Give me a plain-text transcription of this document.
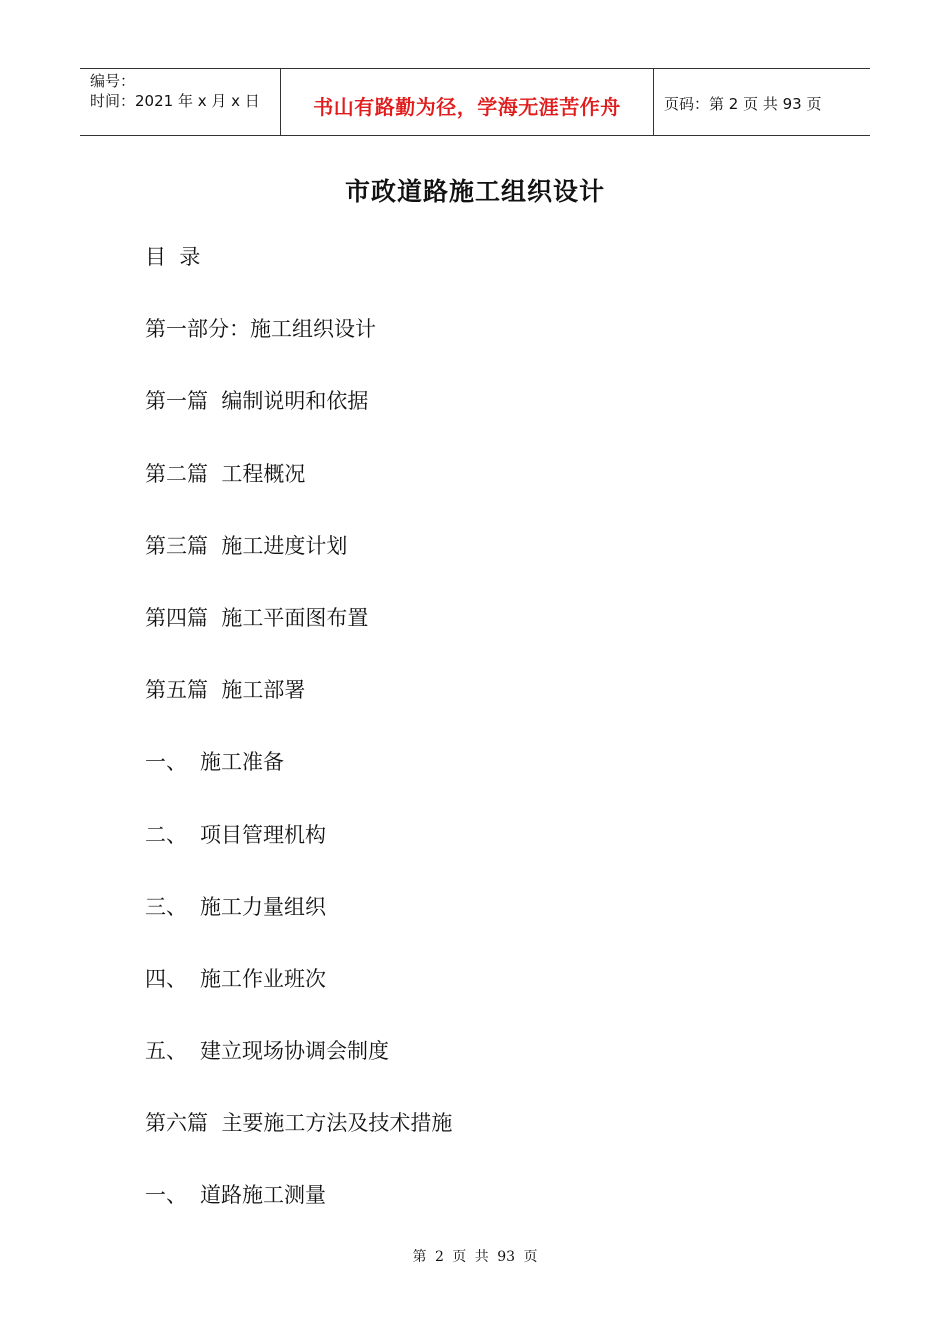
编号：
时间：2021 年 x 月 x 日	书山有路勤为径，学海无涯苦作舟	页码：第 2 页 共 93 页
市政道路施工组织设计
目  录
第一部分：施工组织设计
第一篇  编制说明和依据
第二篇  工程概况
第三篇  施工进度计划
第四篇  施工平面图布置
第五篇  施工部署
一、 施工准备
二、 项目管理机构
三、 施工力量组织
四、 施工作业班次
五、 建立现场协调会制度
第六篇  主要施工方法及技术措施
一、 道路施工测量
第 2 页 共 93 页
